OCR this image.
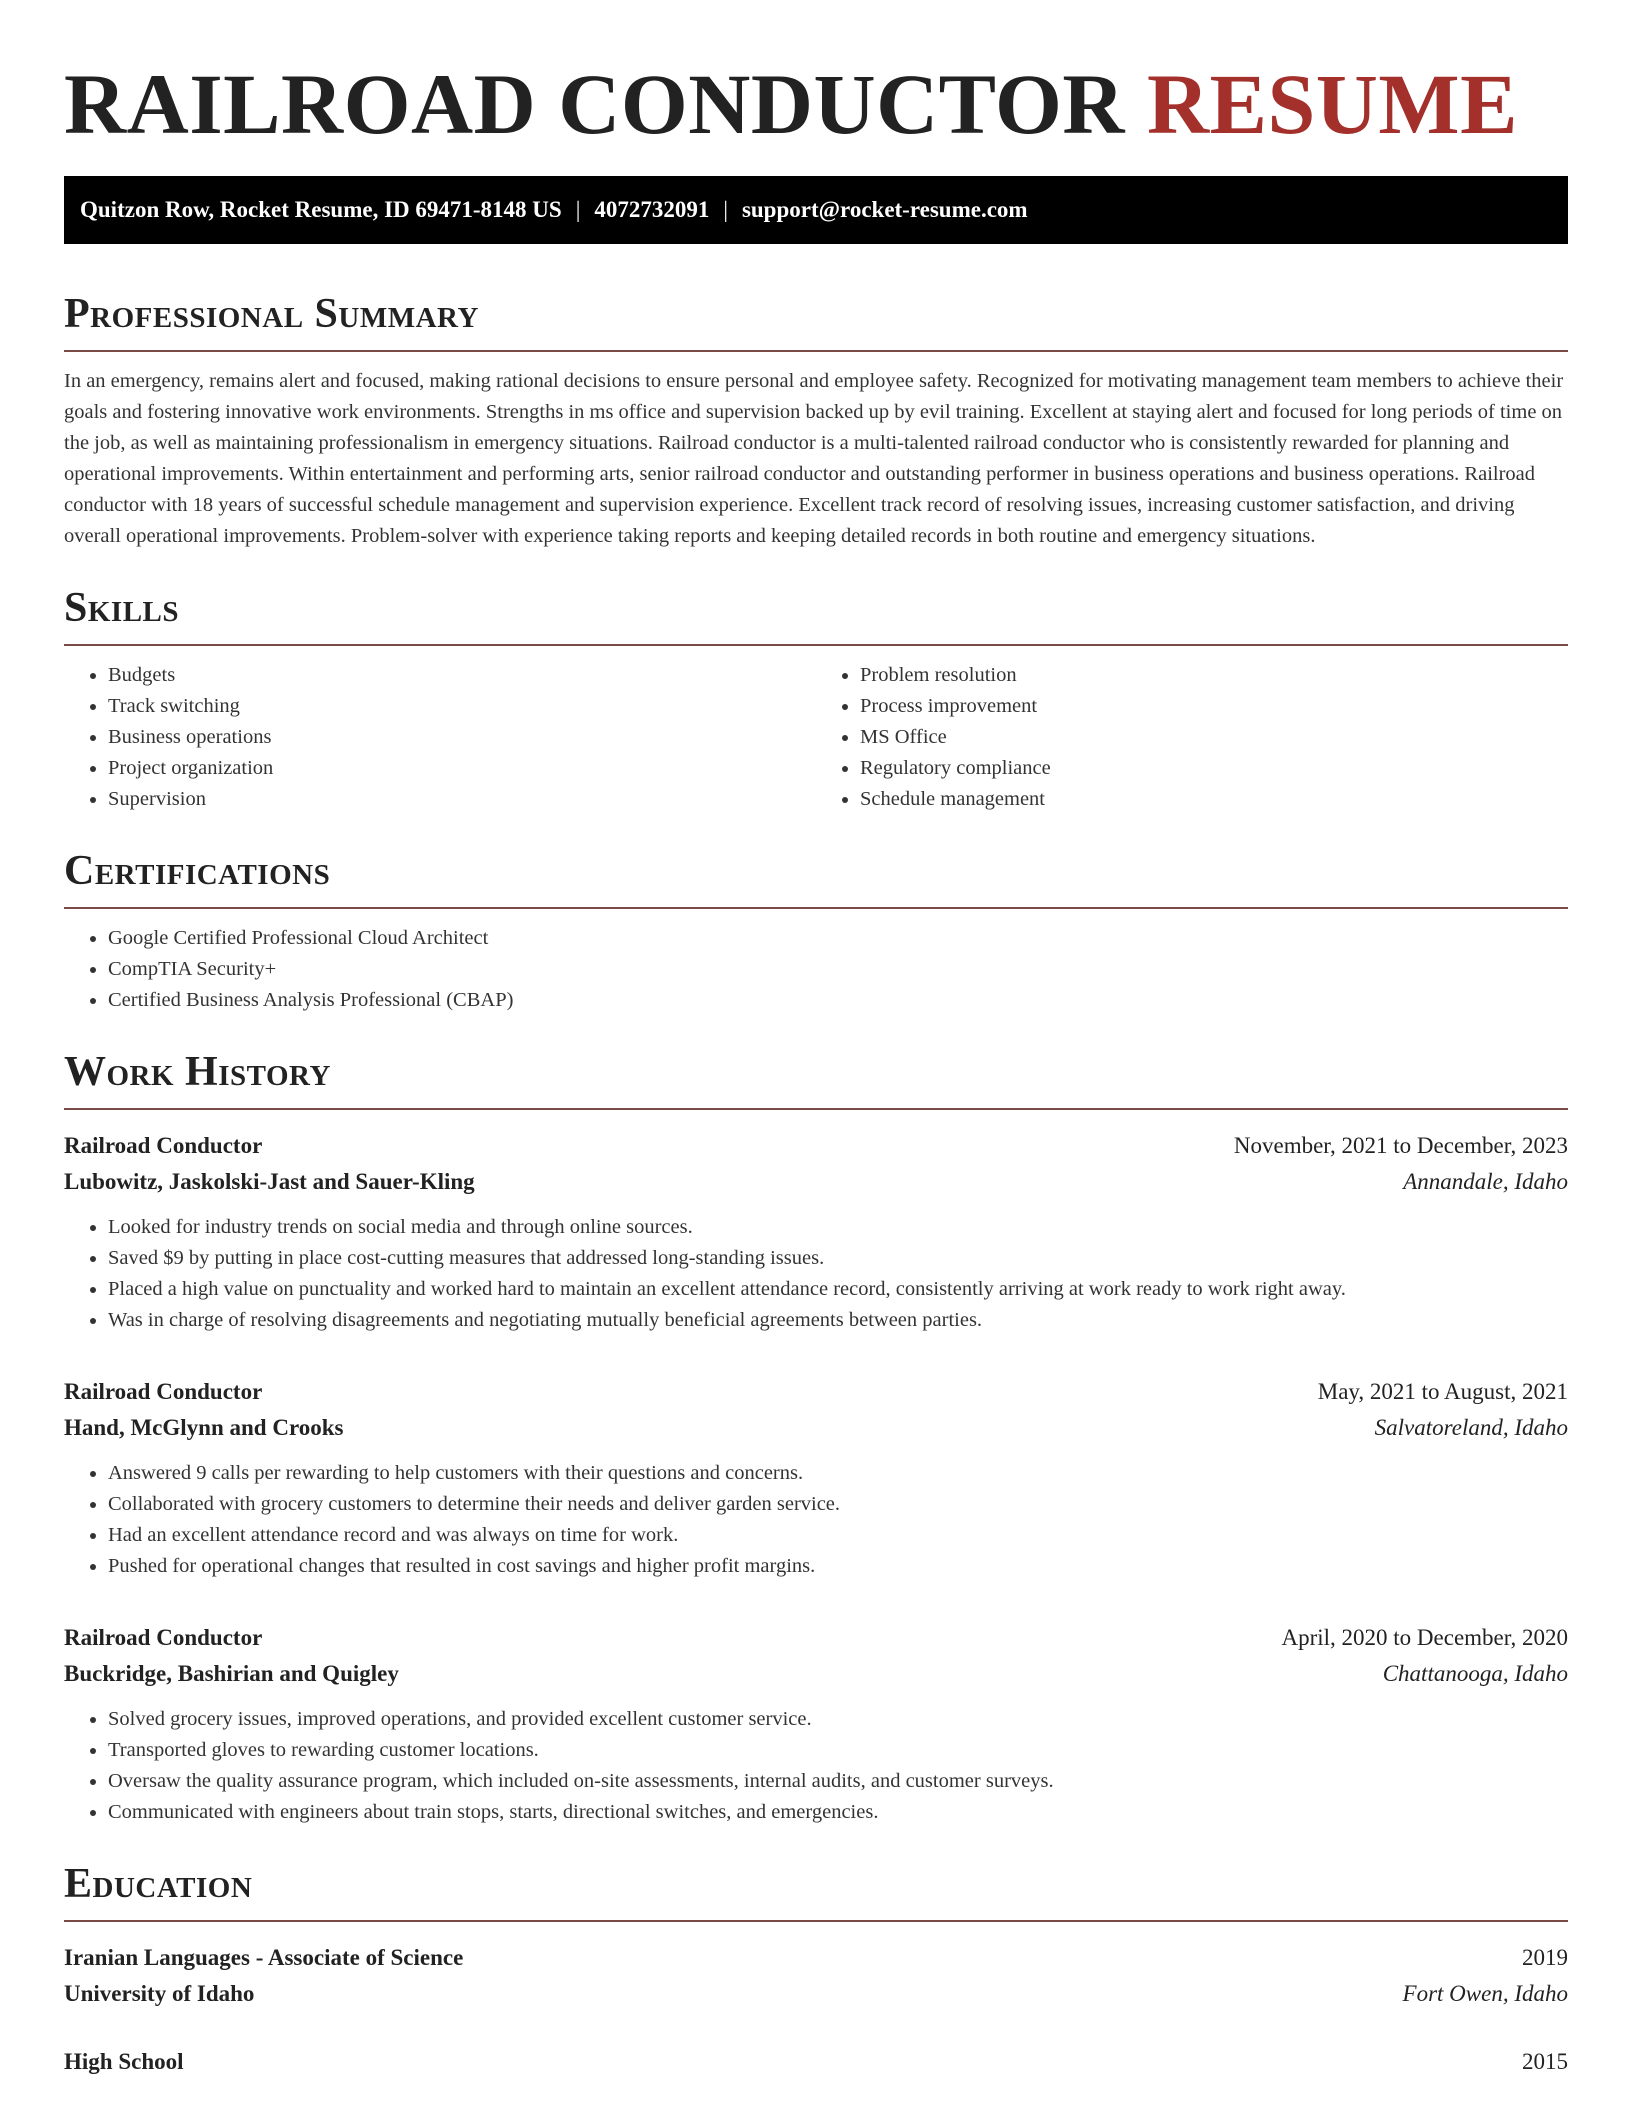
RAILROAD CONDUCTOR RESUME
Quitzon Row, Rocket Resume, ID 69471-8148 US | 4072732091 | support@rocket-resume.com
Professional Summary

In an emergency, remains alert and focused, making rational decisions to ensure personal and employee safety. Recognized for motivating management team members to achieve their goals and fostering innovative work environments. Strengths in ms office and supervision backed up by evil training. Excellent at staying alert and focused for long periods of time on the job, as well as maintaining professionalism in emergency situations. Railroad conductor is a multi-talented railroad conductor who is consistently rewarded for planning and operational improvements. Within entertainment and performing arts, senior railroad conductor and outstanding performer in business operations and business operations. Railroad conductor with 18 years of successful schedule management and supervision experience. Excellent track record of resolving issues, increasing customer satisfaction, and driving overall operational improvements. Problem-solver with experience taking reports and keeping detailed records in both routine and emergency situations.

Skills
• Budgets
• Track switching
• Business operations
• Project organization
• Supervision
• Problem resolution
• Process improvement
• MS Office
• Regulatory compliance
• Schedule management
Certifications
• Google Certified Professional Cloud Architect
• CompTIA Security+
• Certified Business Analysis Professional (CBAP)
Work History
Railroad Conductor	November, 2021 to December, 2023
Lubowitz, Jaskolski-Jast and Sauer-Kling	Annandale, Idaho
• Looked for industry trends on social media and through online sources.
• Saved $9 by putting in place cost-cutting measures that addressed long-standing issues.
• Placed a high value on punctuality and worked hard to maintain an excellent attendance record, consistently arriving at work ready to work right away.
• Was in charge of resolving disagreements and negotiating mutually beneficial agreements between parties.
Railroad Conductor	May, 2021 to August, 2021
Hand, McGlynn and Crooks	Salvatoreland, Idaho
• Answered 9 calls per rewarding to help customers with their questions and concerns.
• Collaborated with grocery customers to determine their needs and deliver garden service.
• Had an excellent attendance record and was always on time for work.
• Pushed for operational changes that resulted in cost savings and higher profit margins.
Railroad Conductor	April, 2020 to December, 2020
Buckridge, Bashirian and Quigley	Chattanooga, Idaho
• Solved grocery issues, improved operations, and provided excellent customer service.
• Transported gloves to rewarding customer locations.
• Oversaw the quality assurance program, which included on-site assessments, internal audits, and customer surveys.
• Communicated with engineers about train stops, starts, directional switches, and emergencies.
Education
Iranian Languages - Associate of Science	2019
University of Idaho	Fort Owen, Idaho
High School	2015
